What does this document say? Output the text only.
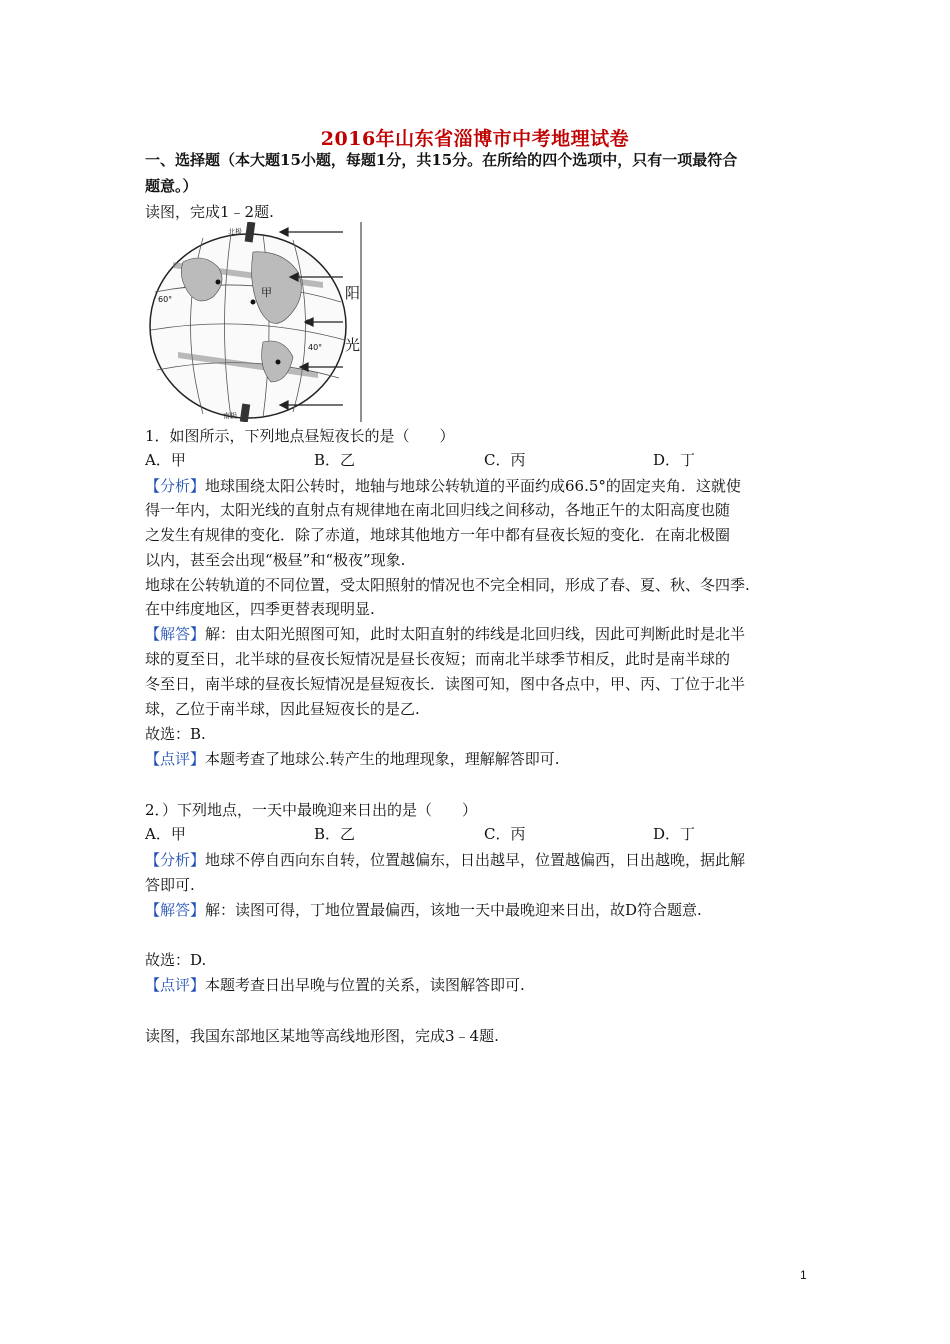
2016年山东省淄博市中考地理试卷
一、选择题（本大题15小题，每题1分，共15分。在所给的四个选项中，只有一项最符合
题意。）
读图，完成1﹣2题.
北极
南极
甲
60°
40°
阳
光
1．如图所示，下列地点昼短夜长的是（　　）
A．甲	B．乙	C．丙	D．丁
【分析】地球围绕太阳公转时，地轴与地球公转轨道的平面约成66.5°的固定夹角．这就使
得一年内，太阳光线的直射点有规律地在南北回归线之间移动，各地正午的太阳高度也随
之发生有规律的变化．除了赤道，地球其他地方一年中都有昼夜长短的变化．在南北极圈
以内，甚至会出现“极昼”和“极夜”现象.
地球在公转轨道的不同位置，受太阳照射的情况也不完全相同，形成了春、夏、秋、冬四季.
在中纬度地区，四季更替表现明显.
【解答】解：由太阳光照图可知，此时太阳直射的纬线是北回归线，因此可判断此时是北半
球的夏至日，北半球的昼夜长短情况是昼长夜短；而南北半球季节相反，此时是南半球的
冬至日，南半球的昼夜长短情况是昼短夜长．读图可知，图中各点中，甲、丙、丁位于北半
球，乙位于南半球，因此昼短夜长的是乙.
故选：B.
【点评】本题考查了地球公.转产生的地理现象，理解解答即可.
2．）下列地点，一天中最晚迎来日出的是（　　）
A．甲	B．乙	C．丙	D．丁
【分析】地球不停自西向东自转，位置越偏东，日出越早，位置越偏西，日出越晚，据此解
答即可.
【解答】解：读图可得，丁地位置最偏西，该地一天中最晚迎来日出，故D符合题意.
故选：D.
【点评】本题考查日出早晚与位置的关系，读图解答即可.
读图，我国东部地区某地等高线地形图，完成3﹣4题.
1
